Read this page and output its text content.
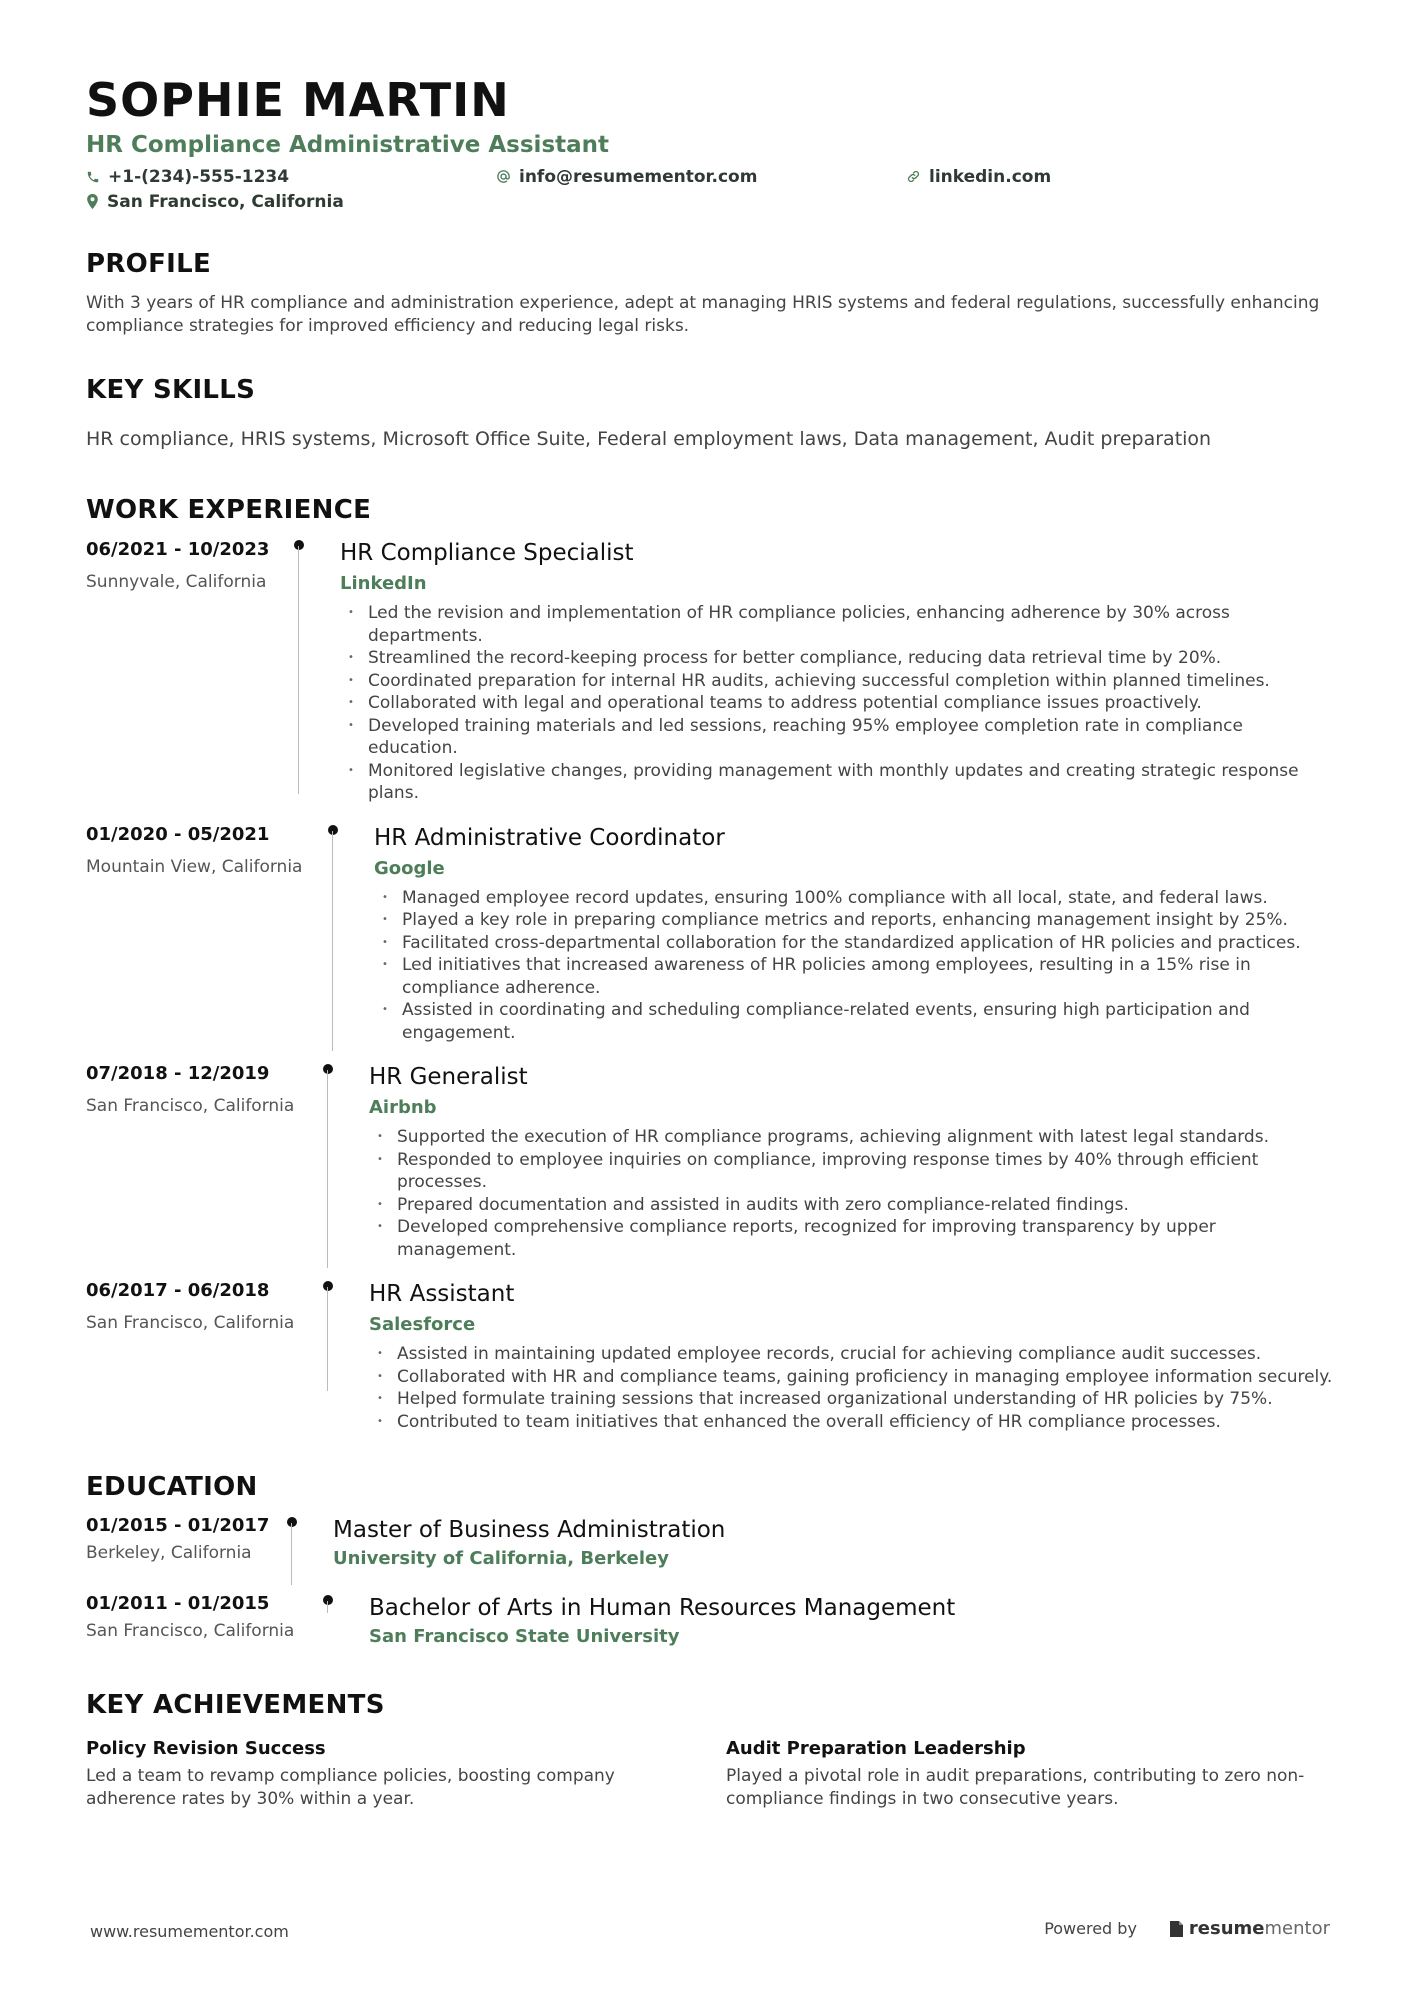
SOPHIE MARTIN
HR Compliance Administrative Assistant
+1-(234)-555-1234	info@resumementor.com	linkedin.com
San Francisco, California
PROFILE
With 3 years of HR compliance and administration experience, adept at managing HRIS systems and federal regulations, successfully enhancing compliance strategies for improved efficiency and reducing legal risks.
KEY SKILLS
HR compliance, HRIS systems, Microsoft Office Suite, Federal employment laws, Data management, Audit preparation
WORK EXPERIENCE
06/2021 - 10/2023
Sunnyvale, California
HR Compliance Specialist
LinkedIn
• Led the revision and implementation of HR compliance policies, enhancing adherence by 30% across departments.
• Streamlined the record-keeping process for better compliance, reducing data retrieval time by 20%.
• Coordinated preparation for internal HR audits, achieving successful completion within planned timelines.
• Collaborated with legal and operational teams to address potential compliance issues proactively.
• Developed training materials and led sessions, reaching 95% employee completion rate in compliance education.
• Monitored legislative changes, providing management with monthly updates and creating strategic response plans.
01/2020 - 05/2021
Mountain View, California
HR Administrative Coordinator
Google
• Managed employee record updates, ensuring 100% compliance with all local, state, and federal laws.
• Played a key role in preparing compliance metrics and reports, enhancing management insight by 25%.
• Facilitated cross-departmental collaboration for the standardized application of HR policies and practices.
• Led initiatives that increased awareness of HR policies among employees, resulting in a 15% rise in compliance adherence.
• Assisted in coordinating and scheduling compliance-related events, ensuring high participation and engagement.
07/2018 - 12/2019
San Francisco, California
HR Generalist
Airbnb
• Supported the execution of HR compliance programs, achieving alignment with latest legal standards.
• Responded to employee inquiries on compliance, improving response times by 40% through efficient processes.
• Prepared documentation and assisted in audits with zero compliance-related findings.
• Developed comprehensive compliance reports, recognized for improving transparency by upper management.
06/2017 - 06/2018
San Francisco, California
HR Assistant
Salesforce
• Assisted in maintaining updated employee records, crucial for achieving compliance audit successes.
• Collaborated with HR and compliance teams, gaining proficiency in managing employee information securely.
• Helped formulate training sessions that increased organizational understanding of HR policies by 75%.
• Contributed to team initiatives that enhanced the overall efficiency of HR compliance processes.
EDUCATION
01/2015 - 01/2017
Berkeley, California
Master of Business Administration
University of California, Berkeley
01/2011 - 01/2015
San Francisco, California
Bachelor of Arts in Human Resources Management
San Francisco State University
KEY ACHIEVEMENTS
Policy Revision Success
Led a team to revamp compliance policies, boosting company adherence rates by 30% within a year.
Audit Preparation Leadership
Played a pivotal role in audit preparations, contributing to zero non-compliance findings in two consecutive years.
www.resumementor.com	Powered by	resume mentor
